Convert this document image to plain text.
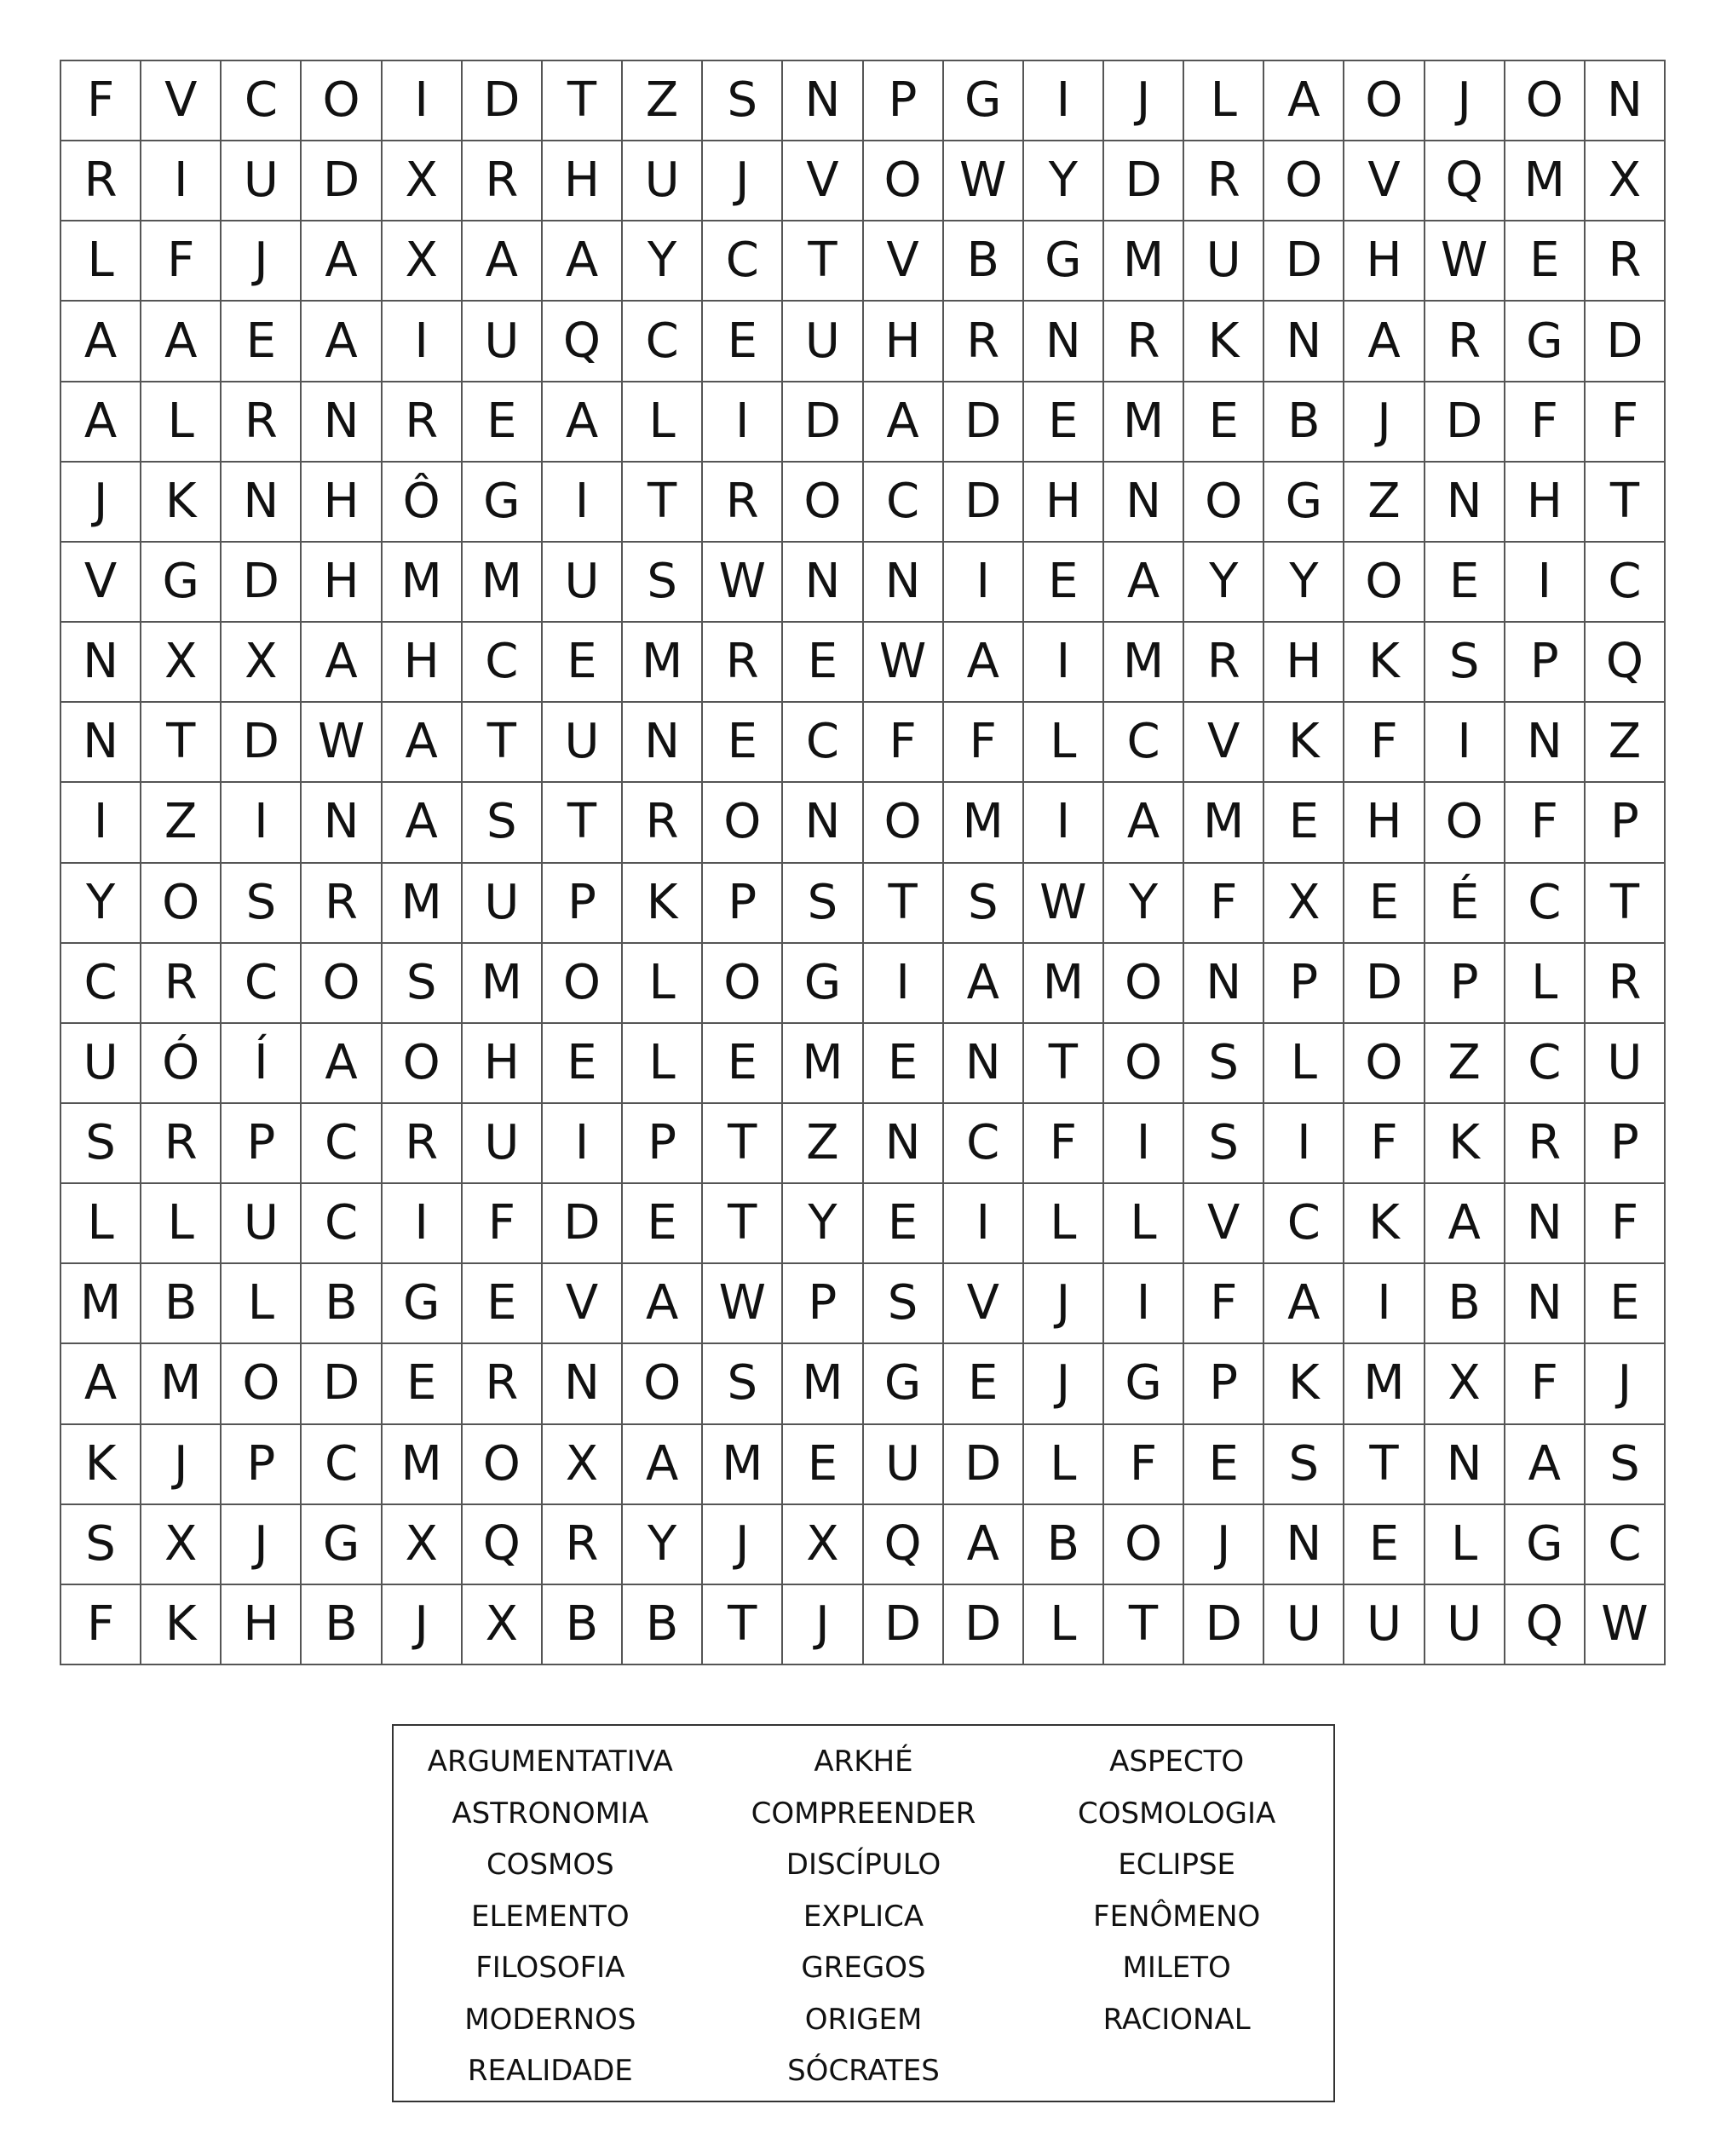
F	V C O	I	D T	Z	S N	P G	I	J	L	A O	J	O N
R	I	U D X R H U	J	V O W Y D R O V Q M X
L	F	J	A X A A	Y	C	T	V B G M U D H W E	R
A A	E	A	I	U Q C	E U H R N R	K N A R G D
A	L	R N R	E	A	L	I	D A D E M E	B	J	D	F	F
J	K N H Ô G	I	T	R O C D H N O G Z N H	T
V G D H M M U S W N N	I	E	A	Y	Y O E	I	C
N X X A H C	E M R	E W A	I	M R H K	S	P Q
N	T D W A	T	U N E	C	F	F	L	C V	K	F	I	N Z
I	Z	I	N A	S	T	R O N O M	I	A M E H O	F	P
Y O S	R M U	P	K	P	S	T	S W Y	F	X	E	É	C	T
C R C O S M O	L	O G	I	A M O N	P D P	L	R
U Ó	Í	A O H E	L	E M E N	T O S	L	O Z C U
S	R	P	C R U	I	P	T	Z N C	F	I	S	I	F	K	R	P
L	L	U C	I	F	D E	T	Y	E	I	L	L	V C	K	A N	F
M B	L	B G E	V A W P	S	V	J	I	F	A	I	B N E
A M O D E	R N O S M G E	J	G P	K M X	F	J
K	J	P	C M O X A M E U D	L	F	E	S	T	N A	S
S	X	J	G X Q R	Y	J	X Q A B O	J	N E	L	G C
F	K H B	J	X B B	T	J	D D	L	T D U U U Q W
ARGUMENTATIVA	ARKHÉ	ASPECTO
ASTRONOMIA	COMPREENDER	COSMOLOGIA
COSMOS	DISCÍPULO	ECLIPSE
ELEMENTO	EXPLICA	FENÔMENO
FILOSOFIA	GREGOS	MILETO
MODERNOS	ORIGEM	RACIONAL
REALIDADE	SÓCRATES
